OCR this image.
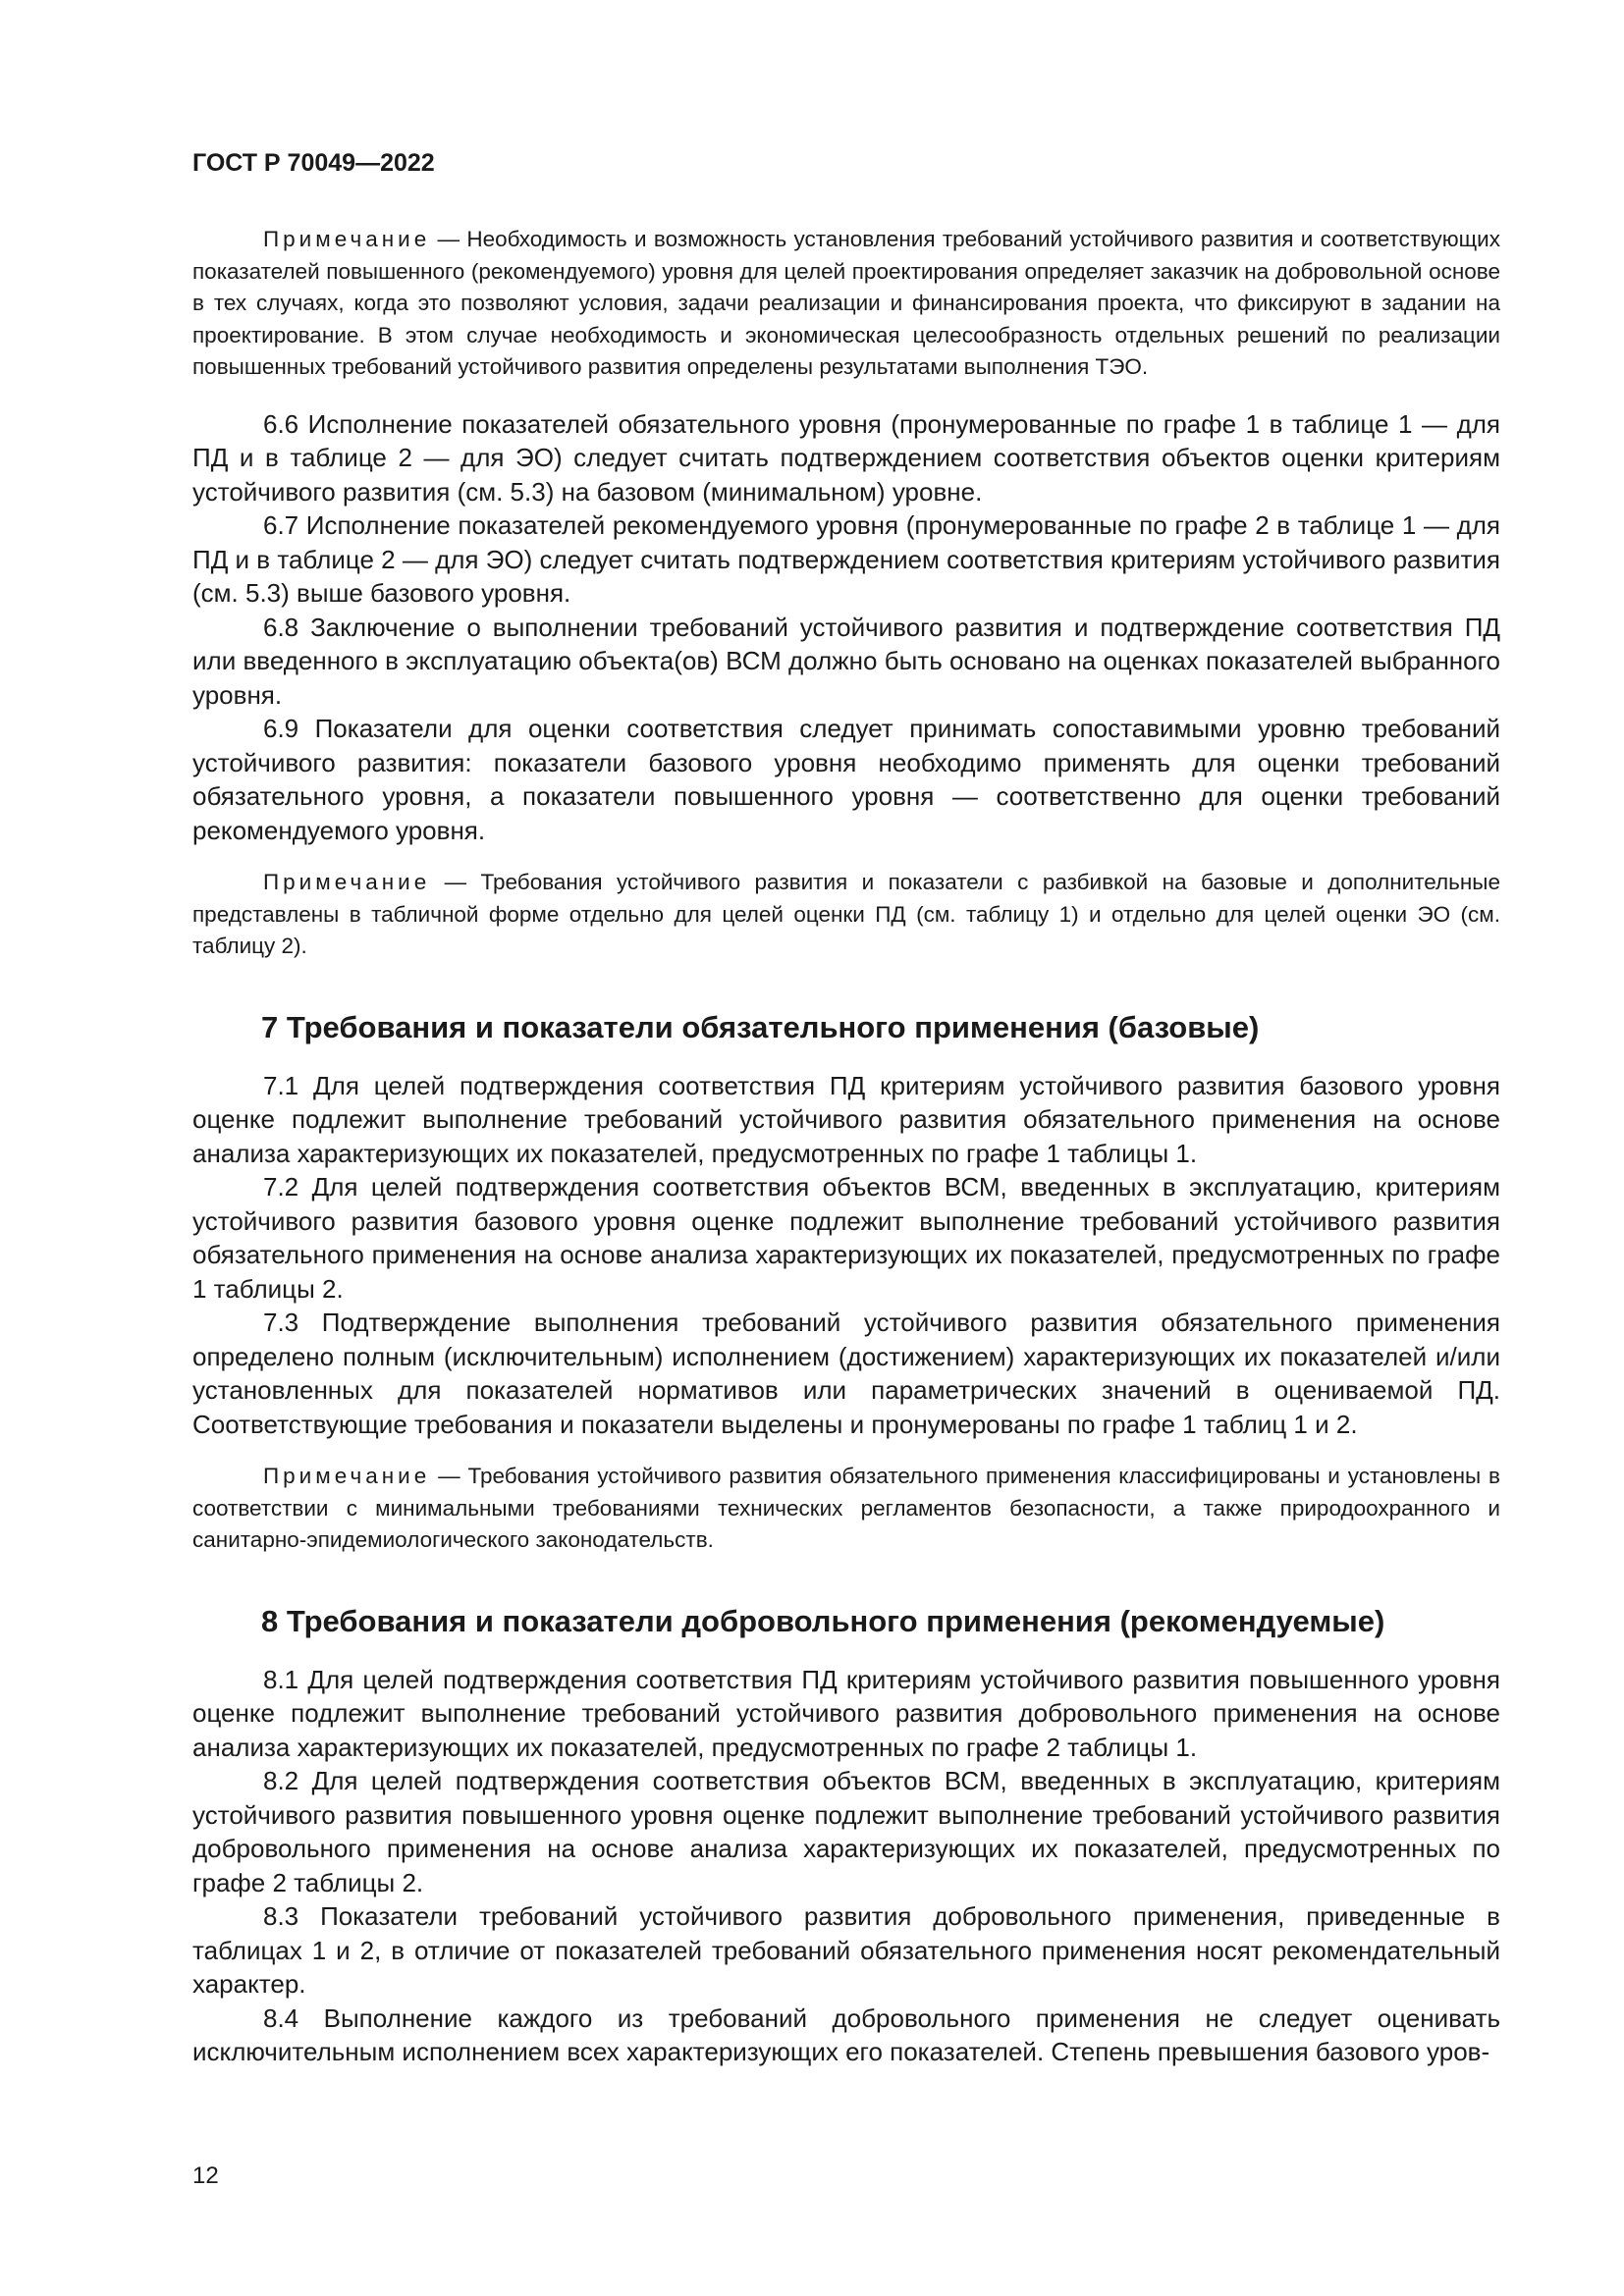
ГОСТ Р 70049—2022

Примечание — Необходимость и возможность установления требований устойчивого развития и соответствующих показателей повышенного (рекомендуемого) уровня для целей проектирования определяет заказчик на добровольной основе в тех случаях, когда это позволяют условия, задачи реализации и финансирования проекта, что фиксируют в задании на проектирование. В этом случае необходимость и экономическая целесообразность отдельных решений по реализации повышенных требований устойчивого развития определены результатами выполнения ТЭО.

6.6 Исполнение показателей обязательного уровня (пронумерованные по графе 1 в таблице 1 — для ПД и в таблице 2 — для ЭО) следует считать подтверждением соответствия объектов оценки критериям устойчивого развития (см. 5.3) на базовом (минимальном) уровне.

6.7 Исполнение показателей рекомендуемого уровня (пронумерованные по графе 2 в таблице 1 — для ПД и в таблице 2 — для ЭО) следует считать подтверждением соответствия критериям устойчивого развития (см. 5.3) выше базового уровня.

6.8 Заключение о выполнении требований устойчивого развития и подтверждение соответствия ПД или введенного в эксплуатацию объекта(ов) ВСМ должно быть основано на оценках показателей выбранного уровня.

6.9 Показатели для оценки соответствия следует принимать сопоставимыми уровню требований устойчивого развития: показатели базового уровня необходимо применять для оценки требований обязательного уровня, а показатели повышенного уровня — соответственно для оценки требований рекомендуемого уровня.

Примечание — Требования устойчивого развития и показатели с разбивкой на базовые и дополнительные представлены в табличной форме отдельно для целей оценки ПД (см. таблицу 1) и отдельно для целей оценки ЭО (см. таблицу 2).

7 Требования и показатели обязательного применения (базовые)

7.1 Для целей подтверждения соответствия ПД критериям устойчивого развития базового уровня оценке подлежит выполнение требований устойчивого развития обязательного применения на основе анализа характеризующих их показателей, предусмотренных по графе 1 таблицы 1.

7.2 Для целей подтверждения соответствия объектов ВСМ, введенных в эксплуатацию, критериям устойчивого развития базового уровня оценке подлежит выполнение требований устойчивого развития обязательного применения на основе анализа характеризующих их показателей, предусмотренных по графе 1 таблицы 2.

7.3 Подтверждение выполнения требований устойчивого развития обязательного применения определено полным (исключительным) исполнением (достижением) характеризующих их показателей и/или установленных для показателей нормативов или параметрических значений в оцениваемой ПД. Соответствующие требования и показатели выделены и пронумерованы по графе 1 таблиц 1 и 2.

Примечание — Требования устойчивого развития обязательного применения классифицированы и установлены в соответствии с минимальными требованиями технических регламентов безопасности, а также природоохранного и санитарно-эпидемиологического законодательств.

8 Требования и показатели добровольного применения (рекомендуемые)

8.1 Для целей подтверждения соответствия ПД критериям устойчивого развития повышенного уровня оценке подлежит выполнение требований устойчивого развития добровольного применения на основе анализа характеризующих их показателей, предусмотренных по графе 2 таблицы 1.

8.2 Для целей подтверждения соответствия объектов ВСМ, введенных в эксплуатацию, критериям устойчивого развития повышенного уровня оценке подлежит выполнение требований устойчивого развития добровольного применения на основе анализа характеризующих их показателей, предусмотренных по графе 2 таблицы 2.

8.3 Показатели требований устойчивого развития добровольного применения, приведенные в таблицах 1 и 2, в отличие от показателей требований обязательного применения носят рекомендательный характер.

8.4 Выполнение каждого из требований добровольного применения не следует оценивать исключительным исполнением всех характеризующих его показателей. Степень превышения базового уров-

12
